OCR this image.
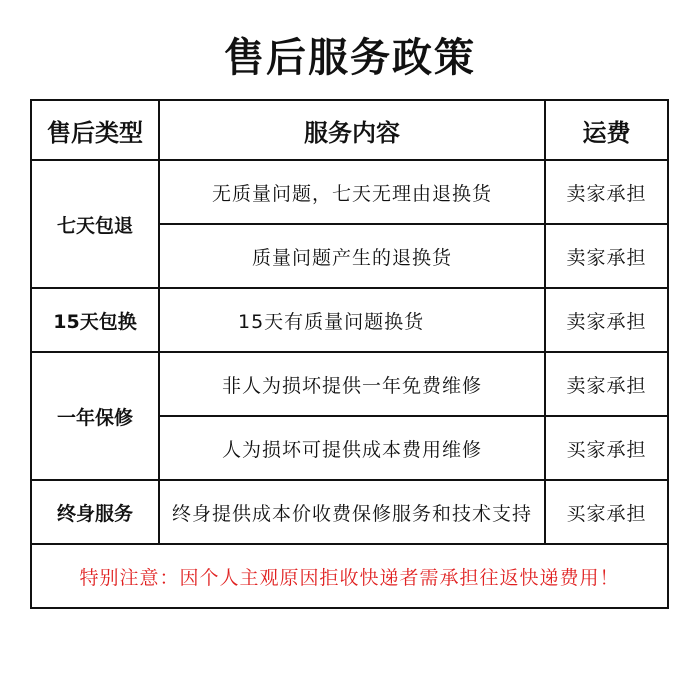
售后服务政策
售后类型	服务内容	运费
七天包退	无质量问题，七天无理由退换货	卖家承担
	质量问题产生的退换货	卖家承担
15天包换	15天有质量问题换货	卖家承担
一年保修	非人为损坏提供一年免费维修	卖家承担
	人为损坏可提供成本费用维修	买家承担
终身服务	终身提供成本价收费保修服务和技术支持	买家承担
特别注意：因个人主观原因拒收快递者需承担往返快递费用！		
